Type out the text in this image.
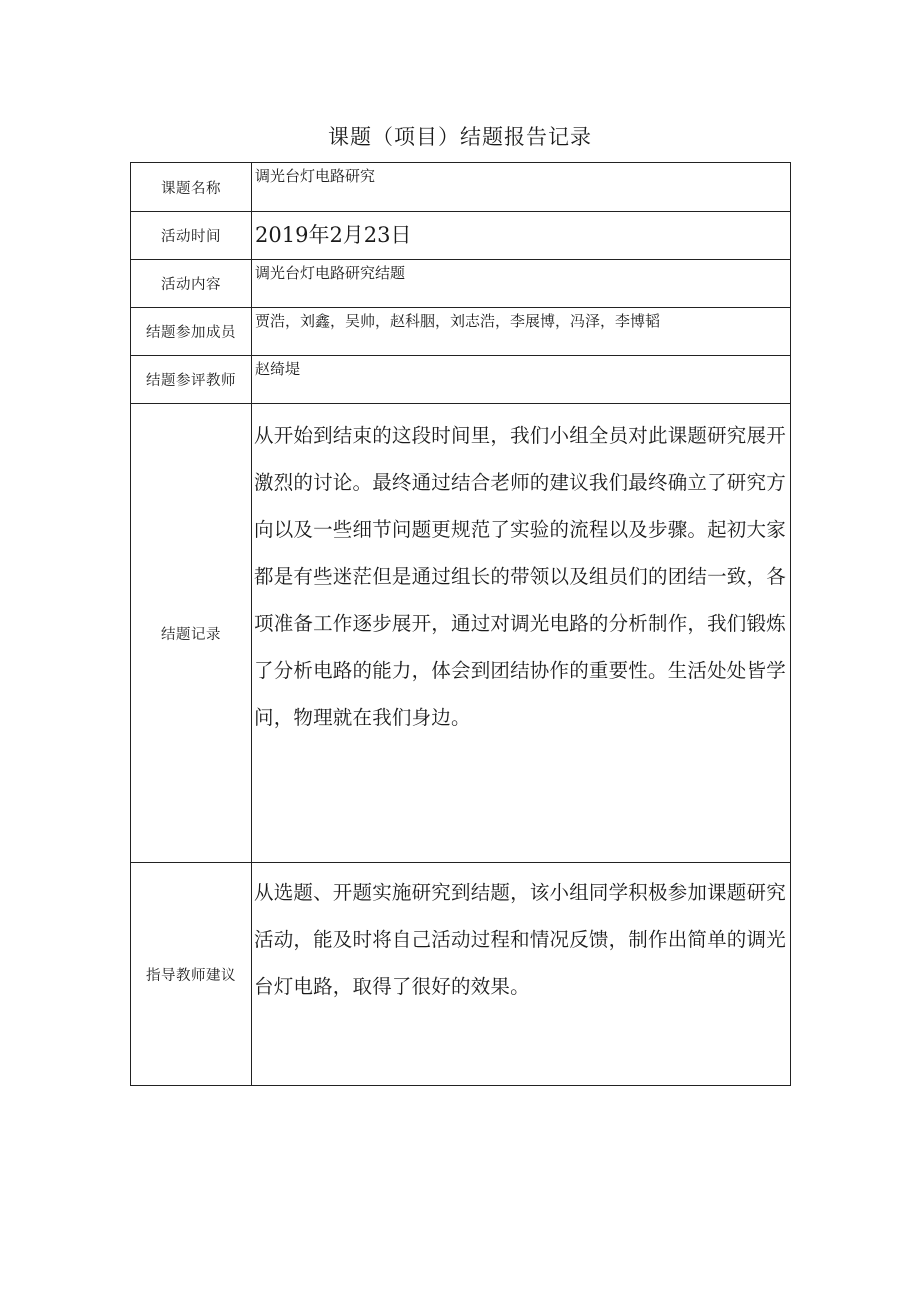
课题（项目）结题报告记录
课题名称	调光台灯电路研究
活动时间	2019年2月23日
活动内容	调光台灯电路研究结题
结题参加成员	贾浩，刘鑫，吴帅，赵科胭，刘志浩，李展博，冯泽，李博韬
结题参评教师	赵绮堤
结题记录	从开始到结束的这段时间里，我们小组全员对此课题研究展开激烈的讨论。最终通过结合老师的建议我们最终确立了研究方向以及一些细节问题更规范了实验的流程以及步骤。起初大家都是有些迷茫但是通过组长的带领以及组员们的团结一致，各项准备工作逐步展开，通过对调光电路的分析制作，我们锻炼了分析电路的能力，体会到团结协作的重要性。生活处处皆学问，物理就在我们身边。
指导教师建议	从选题、开题实施研究到结题，该小组同学积极参加课题研究活动，能及时将自己活动过程和情况反馈，制作出简单的调光台灯电路，取得了很好的效果。
